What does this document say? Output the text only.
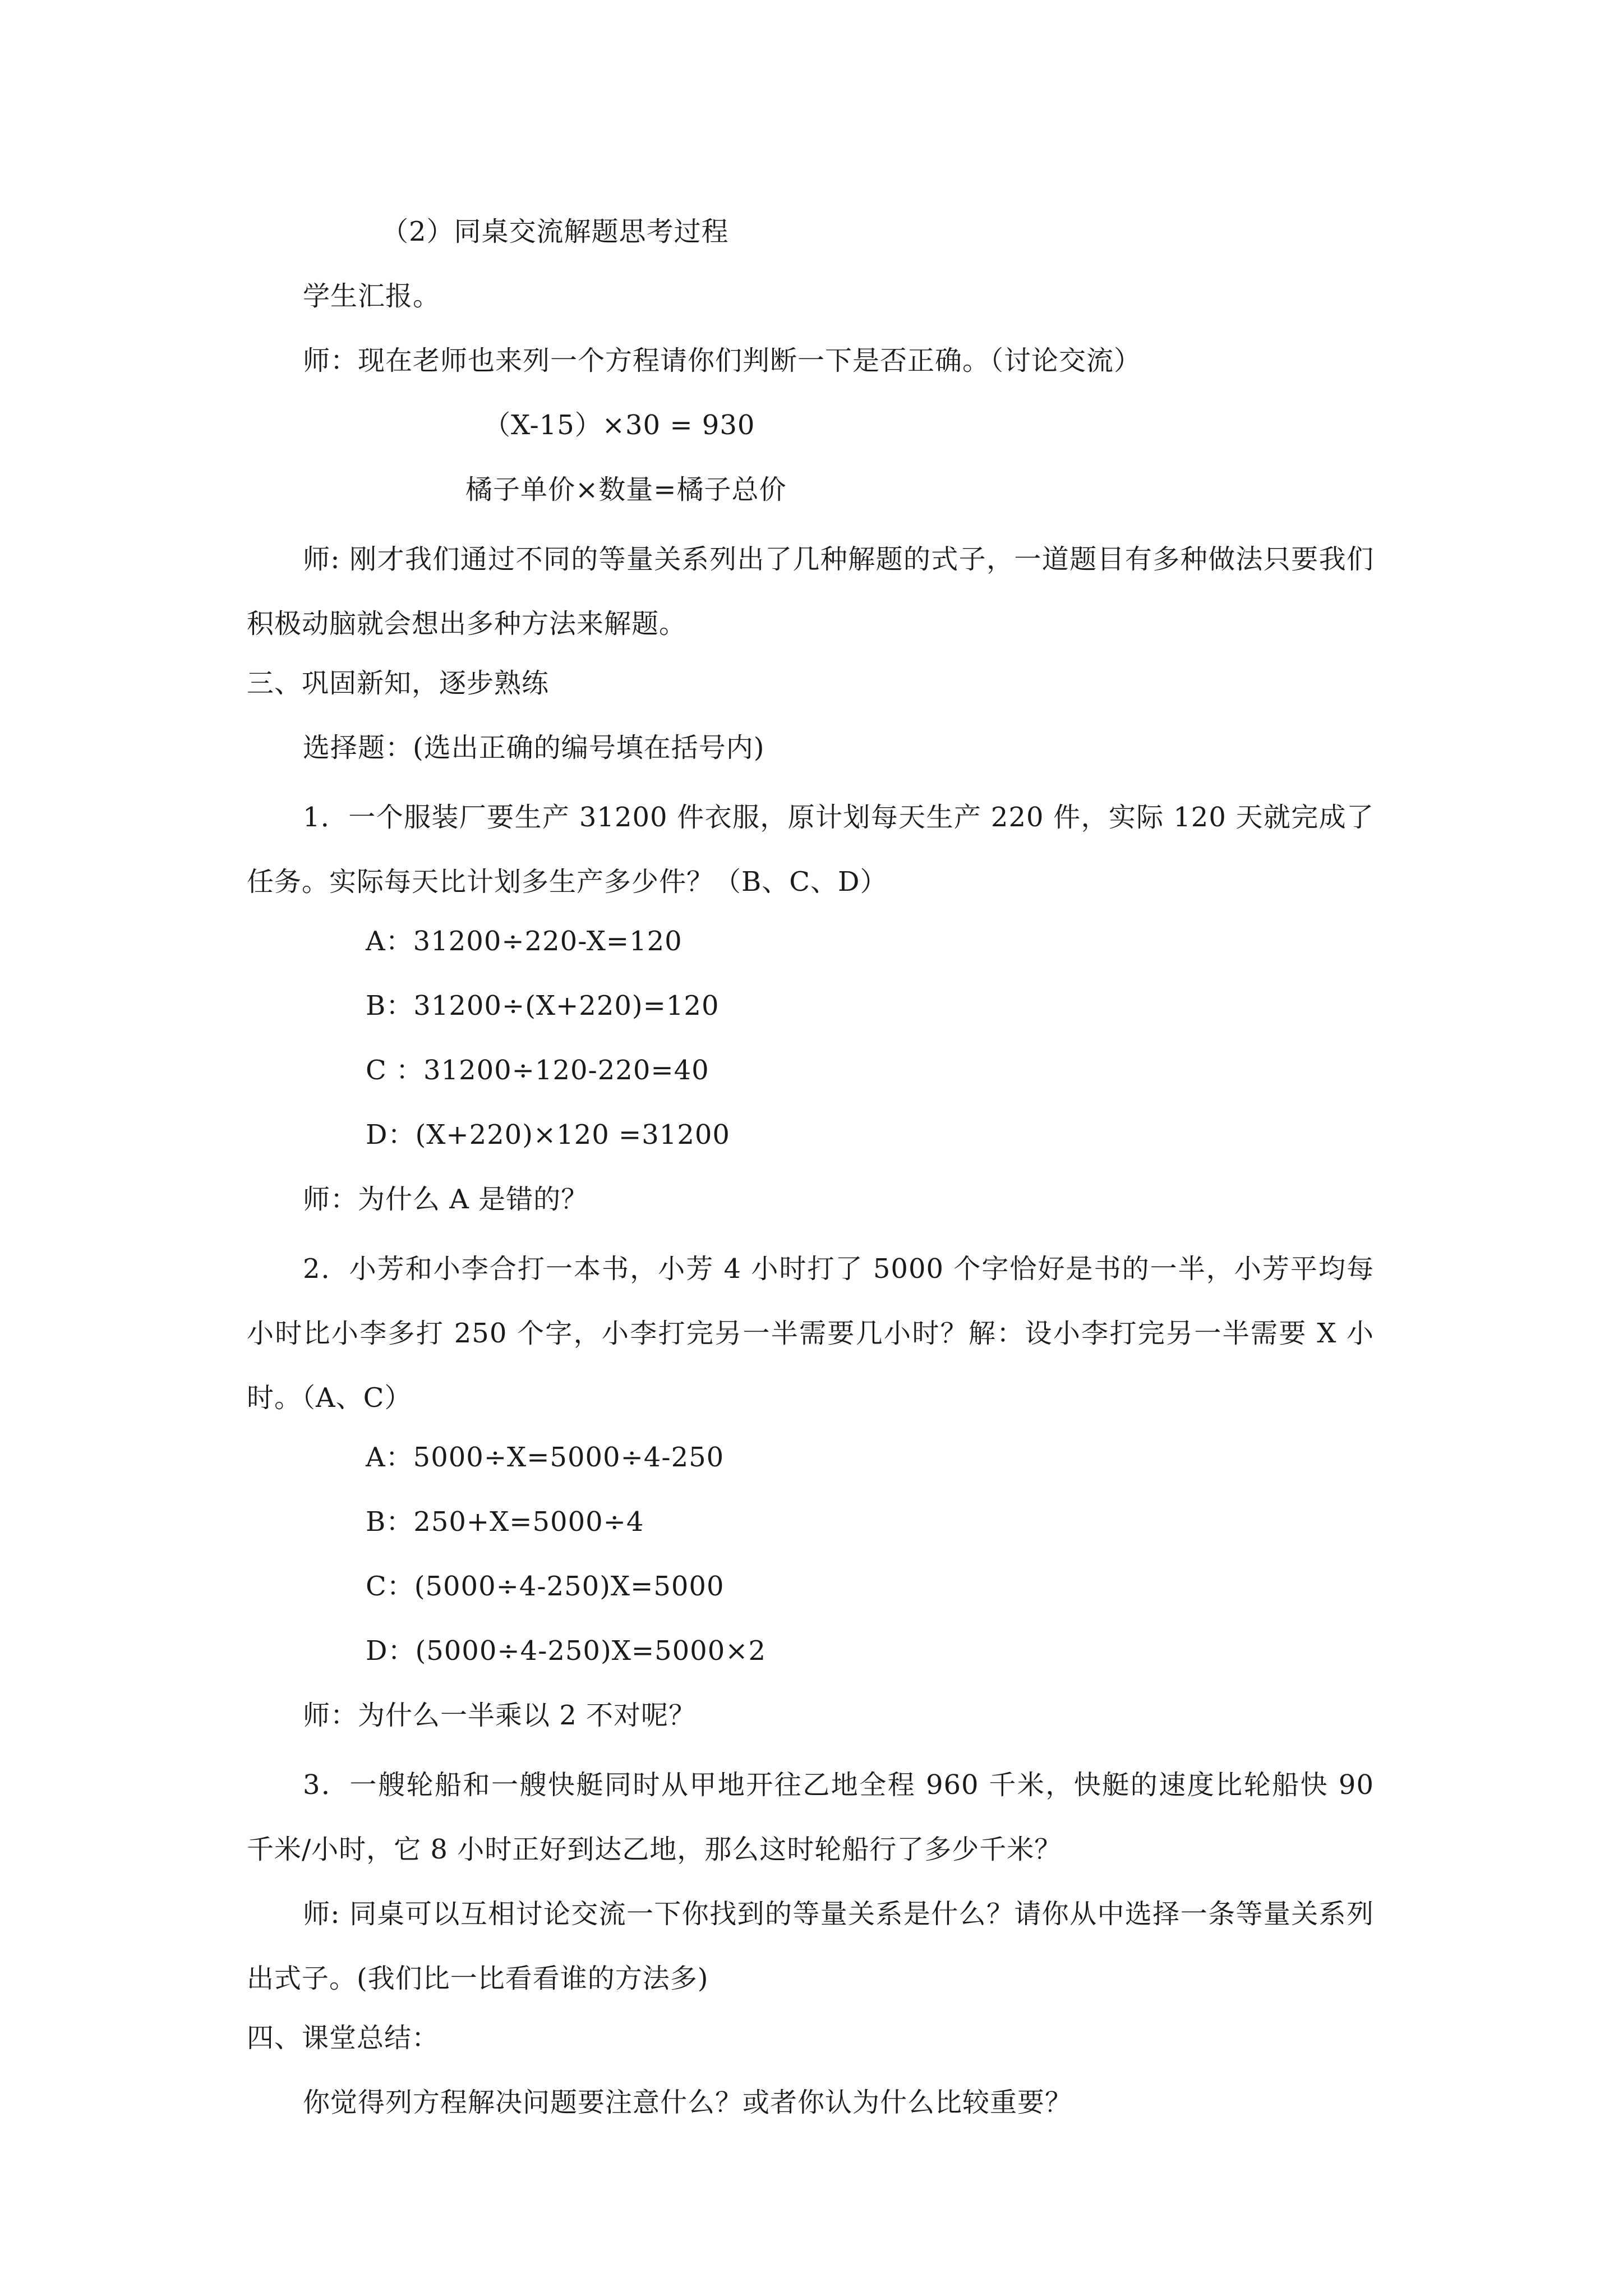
（2）同桌交流解题思考过程
学生汇报。
师：现在老师也来列一个方程请你们判断一下是否正确。（讨论交流）
（X-15）×30 = 930
橘子单价×数量=橘子总价
师: 刚才我们通过不同的等量关系列出了几种解题的式子，一道题目有多种做法只要我们积极动脑就会想出多种方法来解题。
三、巩固新知，逐步熟练
选择题：(选出正确的编号填在括号内)
1．一个服装厂要生产 31200 件衣服，原计划每天生产 220 件，实际 120 天就完成了任务。实际每天比计划多生产多少件？（B、C、D）
A：31200÷220-X=120
B：31200÷(X+220)=120
C ：31200÷120-220=40
D：(X+220)×120 =31200
师：为什么 A 是错的？
2．小芳和小李合打一本书，小芳 4 小时打了 5000 个字恰好是书的一半，小芳平均每小时比小李多打 250 个字，小李打完另一半需要几小时？解：设小李打完另一半需要 X 小时。（A、C）
A：5000÷X=5000÷4-250
B：250+X=5000÷4
C：(5000÷4-250)X=5000
D：(5000÷4-250)X=5000×2
师：为什么一半乘以 2 不对呢？
3．一艘轮船和一艘快艇同时从甲地开往乙地全程 960 千米，快艇的速度比轮船快 90 千米/小时，它 8 小时正好到达乙地，那么这时轮船行了多少千米？
师: 同桌可以互相讨论交流一下你找到的等量关系是什么？请你从中选择一条等量关系列出式子。(我们比一比看看谁的方法多)
四、课堂总结：
你觉得列方程解决问题要注意什么？或者你认为什么比较重要？
